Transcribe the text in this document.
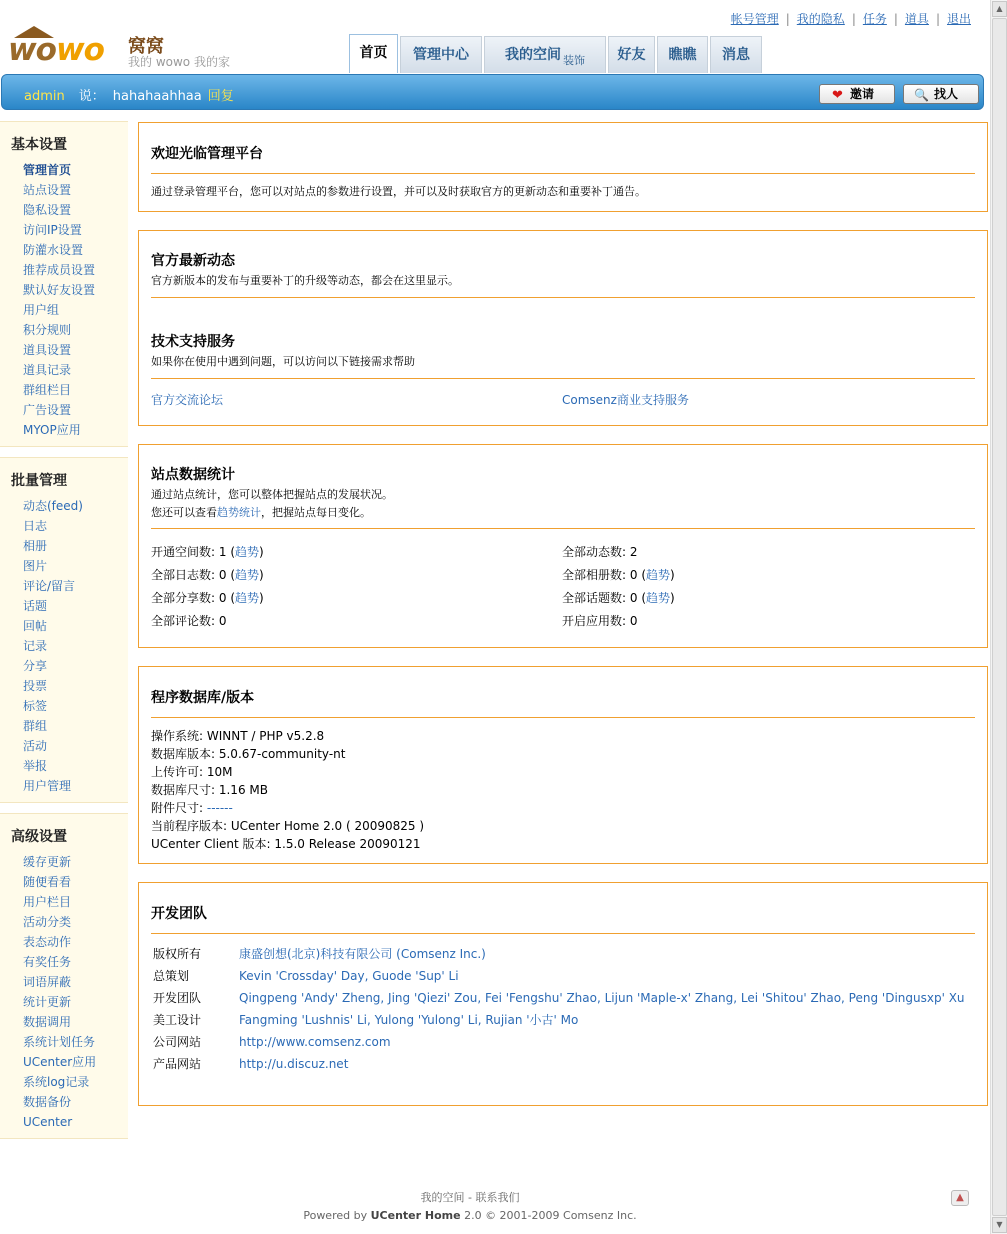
帐号管理 | 我的隐私 | 任务 | 道具 | 退出
wowo 窝窝
我的 wowo 我的家
首页	管理中心	我的空间 $_{装饰}$	好友	瞧瞧	消息
admin 说： hahahaahhaa 回复	❤ 邀请	🔍 找人
基本设置
管理首页
站点设置
隐私设置
访问IP设置
防灌水设置
推荐成员设置
默认好友设置
用户组
积分规则
道具设置
道具记录
群组栏目
广告设置
MYOP应用
批量管理
动态(feed)
日志
相册
图片
评论/留言
话题
回帖
记录
分享
投票
标签
群组
活动
举报
用户管理
高级设置
缓存更新
随便看看
用户栏目
活动分类
表态动作
有奖任务
词语屏蔽
统计更新
数据调用
系统计划任务
UCenter应用
系统log记录
数据备份
UCenter
欢迎光临管理平台

通过登录管理平台，您可以对站点的参数进行设置，并可以及时获取官方的更新动态和重要补丁通告。

官方最新动态

官方新版本的发布与重要补丁的升级等动态，都会在这里显示。

技术支持服务

如果你在使用中遇到问题，可以访问以下链接需求帮助

官方交流论坛	Comsenz商业支持服务
站点数据统计

通过站点统计，您可以整体把握站点的发展状况。

您还可以查看趋势统计，把握站点每日变化。

开通空间数: 1 (趋势)	全部动态数: 2
全部日志数: 0 (趋势)	全部相册数: 0 (趋势)
全部分享数: 0 (趋势)	全部话题数: 0 (趋势)
全部评论数: 0	开启应用数: 0
程序数据库/版本
操作系统: WINNT / PHP v5.2.8
数据库版本: 5.0.67-community-nt
上传许可: 10M
数据库尺寸: 1.16 MB
附件尺寸: ------
当前程序版本: UCenter Home 2.0 ( 20090825 )
UCenter Client 版本: 1.5.0 Release 20090121
开发团队
版权所有	康盛创想(北京)科技有限公司 (Comsenz Inc.)
总策划	Kevin 'Crossday' Day, Guode 'Sup' Li
开发团队	Qingpeng 'Andy' Zheng, Jing 'Qiezi' Zou, Fei 'Fengshu' Zhao, Lijun 'Maple-x' Zhang, Lei 'Shitou' Zhao, Peng 'Dingusxp' Xu
美工设计	Fangming 'Lushnis' Li, Yulong 'Yulong' Li, Rujian '小古' Mo
公司网站	http://www.comsenz.com
产品网站	http://u.discuz.net
我的空间 - 联系我们
Powered by UCenter Home 2.0 © 2001-2009 Comsenz Inc.
▲
▲
▼
